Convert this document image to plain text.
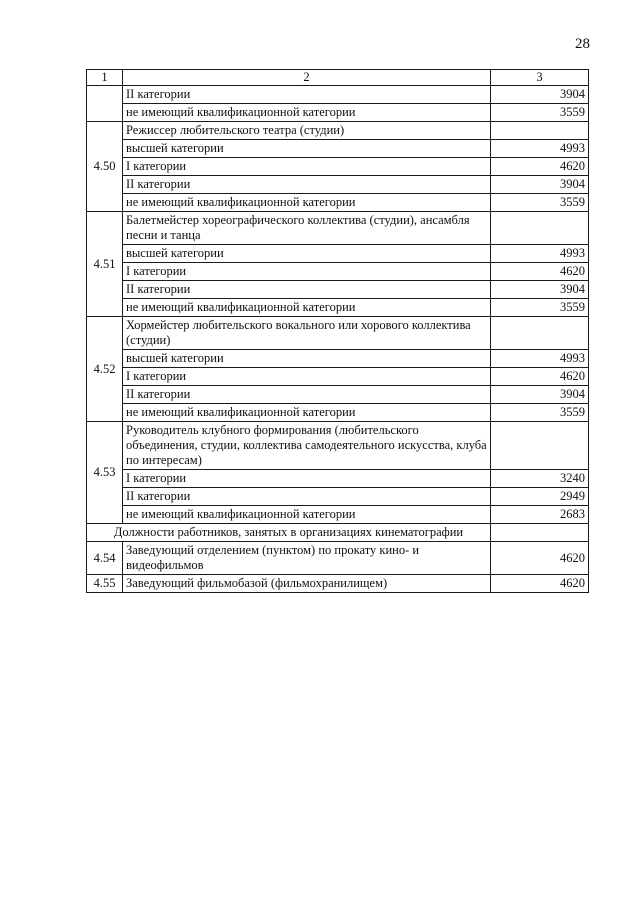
28
1	2	3
	II категории	3904
	не имеющий квалификационной категории	3559
4.50	Режиссер любительского театра (студии)	
	высшей категории	4993
	I категории	4620
	II категории	3904
	не имеющий квалификационной категории	3559
4.51	Балетмейстер хореографического коллектива (студии), ансамбля песни и танца	
	высшей категории	4993
	I категории	4620
	II категории	3904
	не имеющий квалификационной категории	3559
4.52	Хормейстер любительского вокального или хорового коллектива (студии)	
	высшей категории	4993
	I категории	4620
	II категории	3904
	не имеющий квалификационной категории	3559
4.53	Руководитель клубного формирования (любительского объединения, студии, коллектива самодеятельного искусства, клуба по интересам)	
	I категории	3240
	II категории	2949
	не имеющий квалификационной категории	2683
Должности работников, занятых в организациях кинематографии		
4.54	Заведующий отделением (пунктом) по прокату кино- и видеофильмов	4620
4.55	Заведующий фильмобазой (фильмохранилищем)	4620
